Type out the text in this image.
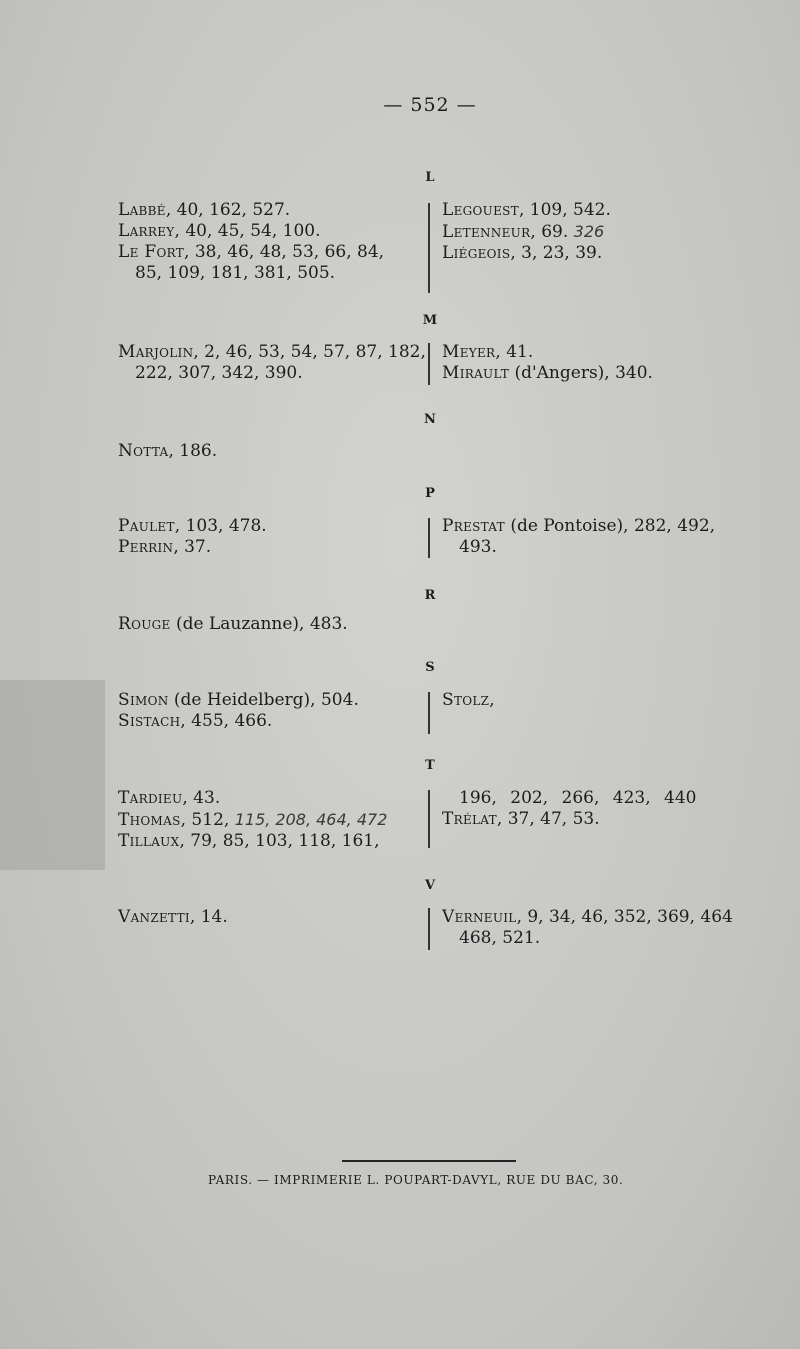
— 552 —
L
Labbé, 40, 162, 527.
Larrey, 40, 45, 54, 100.
Le Fort, 38, 46, 48, 53, 66, 84,
85, 109, 181, 381, 505.
Legouest, 109, 542.
Letenneur, 69. 326
Liégeois, 3, 23, 39.
M
Marjolin, 2, 46, 53, 54, 57, 87, 182,
222, 307, 342, 390.
Meyer, 41.
Mirault (d'Angers), 340.
N
Notta, 186.
P
Paulet, 103, 478.
Perrin, 37.
Prestat (de Pontoise), 282, 492,
493.
R
Rouge (de Lauzanne), 483.
S
Simon (de Heidelberg), 504.
Sistach, 455, 466.
Stolz,
T
Tardieu, 43.
Thomas, 512, 115, 208, 464, 472
Tillaux, 79, 85, 103, 118, 161,
196, 202, 266, 423, 440
Trélat, 37, 47, 53.
V
Vanzetti, 14.	Verneuil, 9, 34, 46, 352, 369, 464
468, 521.
PARIS. — IMPRIMERIE L. POUPART-DAVYL, RUE DU BAC, 30.
